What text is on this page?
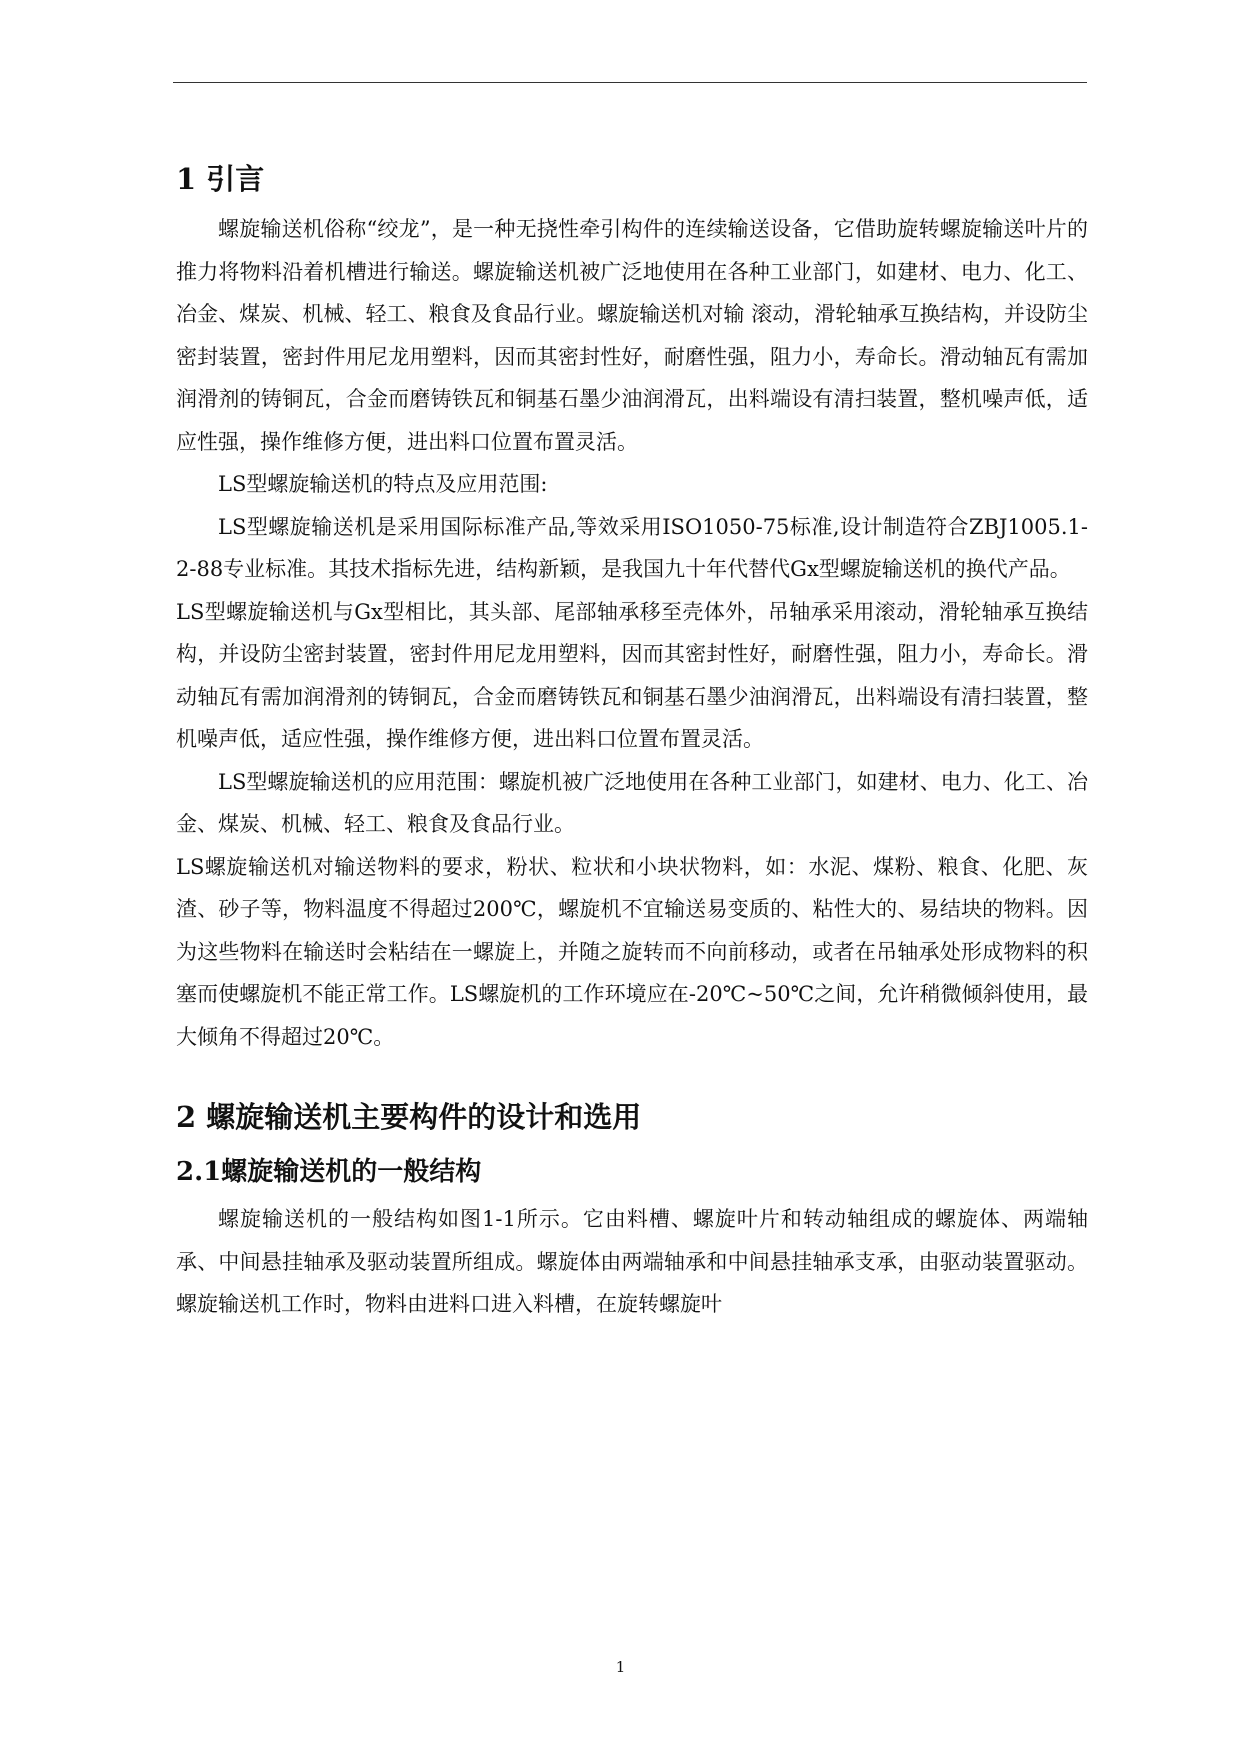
1 引言

螺旋输送机俗称“绞龙”，是一种无挠性牵引构件的连续输送设备，它借助旋转螺旋输送叶片的推力将物料沿着机槽进行输送。螺旋输送机被广泛地使用在各种工业部门，如建材、电力、化工、冶金、煤炭、机械、轻工、粮食及食品行业。螺旋输送机对输 滚动，滑轮轴承互换结构，并设防尘密封装置，密封件用尼龙用塑料，因而其密封性好，耐磨性强，阻力小，寿命长。滑动轴瓦有需加润滑剂的铸铜瓦，合金而磨铸铁瓦和铜基石墨少油润滑瓦，出料端设有清扫装置，整机噪声低，适应性强，操作维修方便，进出料口位置布置灵活。

LS型螺旋输送机的特点及应用范围:

LS型螺旋输送机是采用国际标准产品,等效采用ISO1050-75标准,设计制造符合ZBJ1005.1-2-88专业标准。其技术指标先进，结构新颖，是我国九十年代替代Gx型螺旋输送机的换代产品。

LS型螺旋输送机与Gx型相比，其头部、尾部轴承移至壳体外，吊轴承采用滚动，滑轮轴承互换结构，并设防尘密封装置，密封件用尼龙用塑料，因而其密封性好，耐磨性强，阻力小，寿命长。滑动轴瓦有需加润滑剂的铸铜瓦，合金而磨铸铁瓦和铜基石墨少油润滑瓦，出料端设有清扫装置，整机噪声低，适应性强，操作维修方便，进出料口位置布置灵活。

LS型螺旋输送机的应用范围：螺旋机被广泛地使用在各种工业部门，如建材、电力、化工、冶金、煤炭、机械、轻工、粮食及食品行业。

LS螺旋输送机对输送物料的要求，粉状、粒状和小块状物料，如：水泥、煤粉、粮食、化肥、灰渣、砂子等，物料温度不得超过200℃，螺旋机不宜输送易变质的、粘性大的、易结块的物料。因为这些物料在输送时会粘结在一螺旋上，并随之旋转而不向前移动，或者在吊轴承处形成物料的积塞而使螺旋机不能正常工作。LS螺旋机的工作环境应在-20℃~50℃之间，允许稍微倾斜使用，最大倾角不得超过20℃。

2 螺旋输送机主要构件的设计和选用
2.1螺旋输送机的一般结构

螺旋输送机的一般结构如图1-1所示。它由料槽、螺旋叶片和转动轴组成的螺旋体、两端轴承、中间悬挂轴承及驱动装置所组成。螺旋体由两端轴承和中间悬挂轴承支承，由驱动装置驱动。螺旋输送机工作时，物料由进料口进入料槽，在旋转螺旋叶

1
